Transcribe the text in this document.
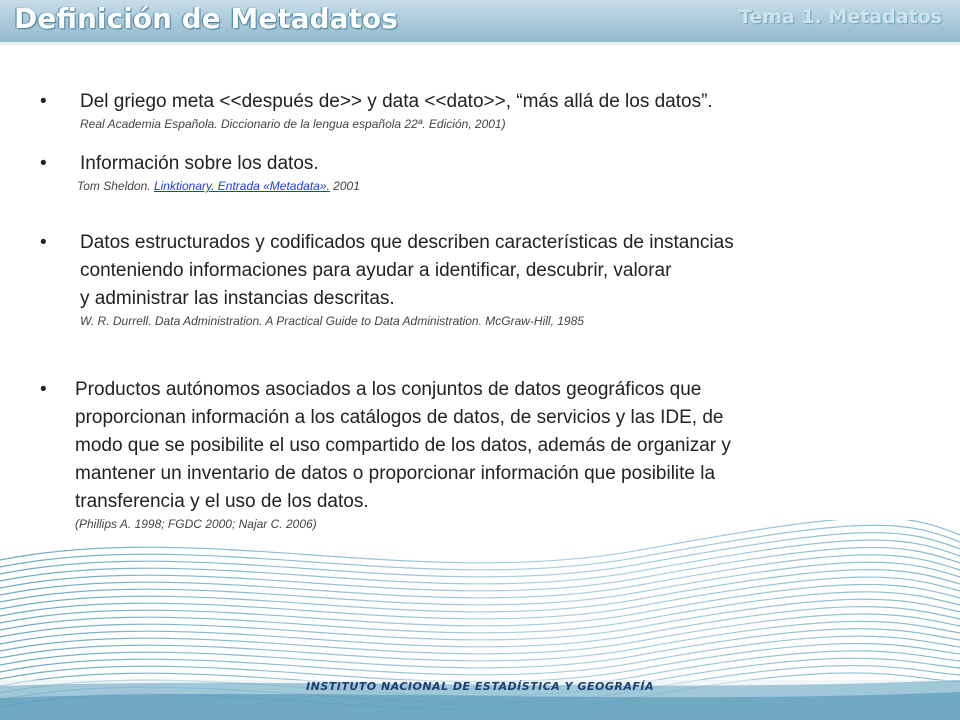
Definición de Metadatos	Tema 1. Metadatos
•	Del griego meta <<después de>> y data <<dato>>, “más allá de los datos”.
Real Academia Española. Diccionario de la lengua española 22ª. Edición, 2001)
•	Información sobre los datos.
Tom Sheldon. Linktionary. Entrada «Metadata». 2001
•	Datos estructurados y codificados que describen características de instancias
conteniendo informaciones para ayudar a identificar, descubrir, valorar
y administrar las instancias descritas.
W. R. Durrell. Data Administration. A Practical Guide to Data Administration. McGraw-Hill, 1985
•	Productos autónomos asociados a los conjuntos de datos geográficos que
proporcionan información a los catálogos de datos, de servicios y las IDE, de
modo que se posibilite el uso compartido de los datos, además de organizar y
mantener un inventario de datos o proporcionar información que posibilite la
transferencia y el uso de los datos.
(Phillips A. 1998; FGDC 2000; Najar C. 2006)
INSTITUTO NACIONAL DE ESTADÍSTICA Y GEOGRAFÍA
